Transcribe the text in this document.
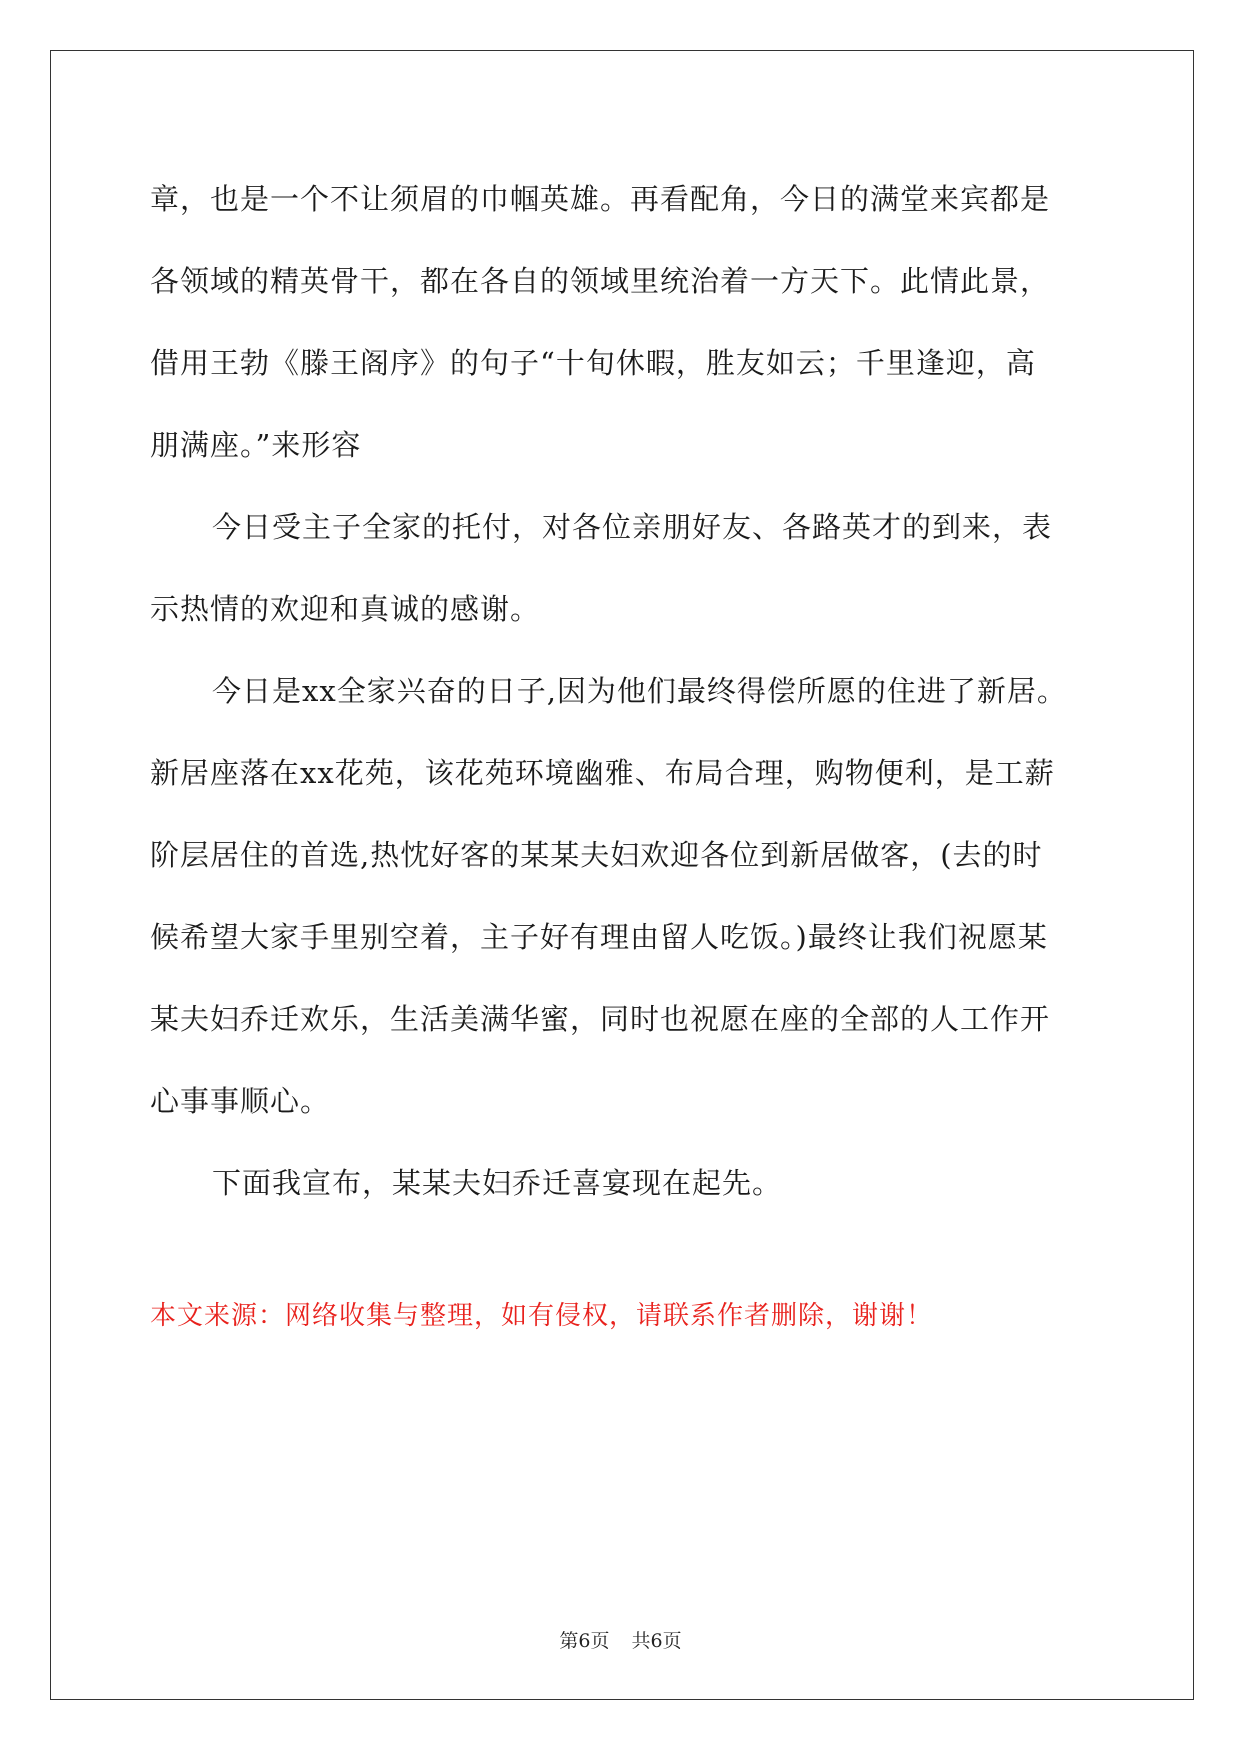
章，也是一个不让须眉的巾帼英雄。再看配角，今日的满堂来宾都是
各领域的精英骨干，都在各自的领域里统治着一方天下。此情此景，
借用王勃《滕王阁序》的句子“十旬休暇，胜友如云；千里逢迎，高
朋满座。”来形容
今日受主子全家的托付，对各位亲朋好友、各路英才的到来，表
示热情的欢迎和真诚的感谢。
今日是xx全家兴奋的日子,因为他们最终得偿所愿的住进了新居。
新居座落在xx花苑，该花苑环境幽雅、布局合理，购物便利，是工薪
阶层居住的首选,热忱好客的某某夫妇欢迎各位到新居做客，(去的时
候希望大家手里别空着，主子好有理由留人吃饭。)最终让我们祝愿某
某夫妇乔迁欢乐，生活美满华蜜，同时也祝愿在座的全部的人工作开
心事事顺心。
下面我宣布，某某夫妇乔迁喜宴现在起先。
本文来源：网络收集与整理，如有侵权，请联系作者删除，谢谢！
第6页 共6页
